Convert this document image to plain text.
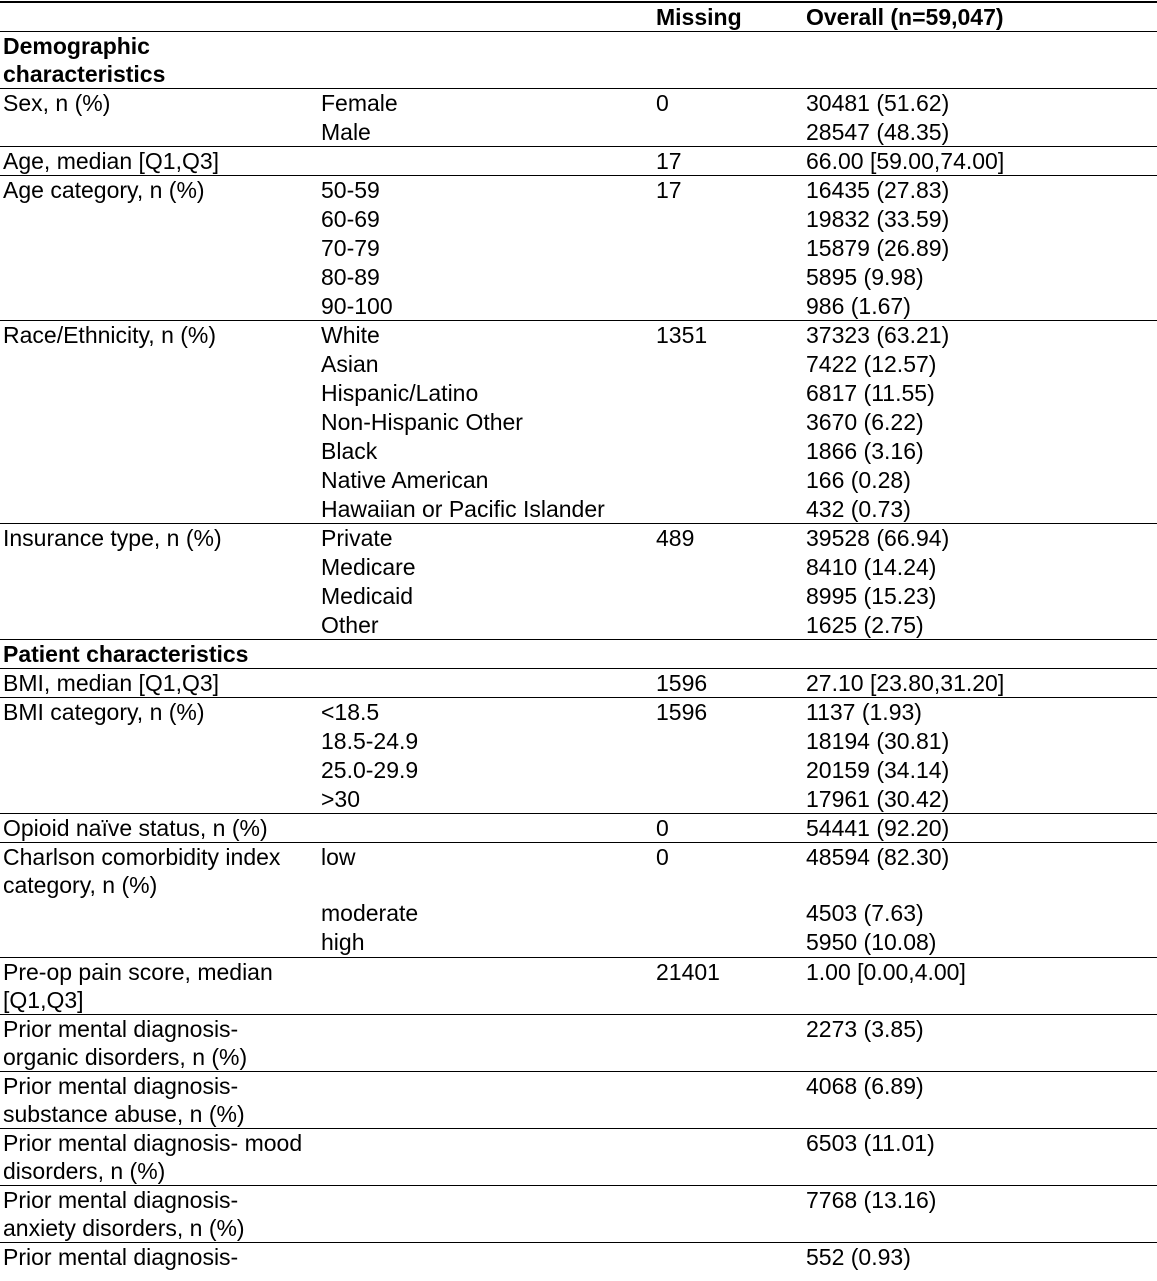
		Missing	Overall (n=59,047)
Demographic characteristics			
Sex, n (%)	Female	0	30481 (51.62)
	Male		28547 (48.35)
Age, median [Q1,Q3]		17	66.00 [59.00,74.00]
Age category, n (%)	50-59	17	16435 (27.83)
	60-69		19832 (33.59)
	70-79		15879 (26.89)
	80-89		5895 (9.98)
	90-100		986 (1.67)
Race/Ethnicity, n (%)	White	1351	37323 (63.21)
	Asian		7422 (12.57)
	Hispanic/Latino		6817 (11.55)
	Non-Hispanic Other		3670 (6.22)
	Black		1866 (3.16)
	Native American		166 (0.28)
	Hawaiian or Pacific Islander		432 (0.73)
Insurance type, n (%)	Private	489	39528 (66.94)
	Medicare		8410 (14.24)
	Medicaid		8995 (15.23)
	Other		1625 (2.75)
Patient characteristics			
BMI, median [Q1,Q3]		1596	27.10 [23.80,31.20]
BMI category, n (%)	<18.5	1596	1137 (1.93)
	18.5-24.9		18194 (30.81)
	25.0-29.9		20159 (34.14)
	>30		17961 (30.42)
Opioid naïve status, n (%)		0	54441 (92.20)
Charlson comorbidity index category, n (%)	low	0	48594 (82.30)
	moderate		4503 (7.63)
	high		5950 (10.08)
Pre-op pain score, median [Q1,Q3]		21401	1.00 [0.00,4.00]
Prior mental diagnosis- organic disorders, n (%)			2273 (3.85)
Prior mental diagnosis- substance abuse, n (%)			4068 (6.89)
Prior mental diagnosis- mood disorders, n (%)			6503 (11.01)
Prior mental diagnosis- anxiety disorders, n (%)			7768 (13.16)
Prior mental diagnosis-			552 (0.93)
